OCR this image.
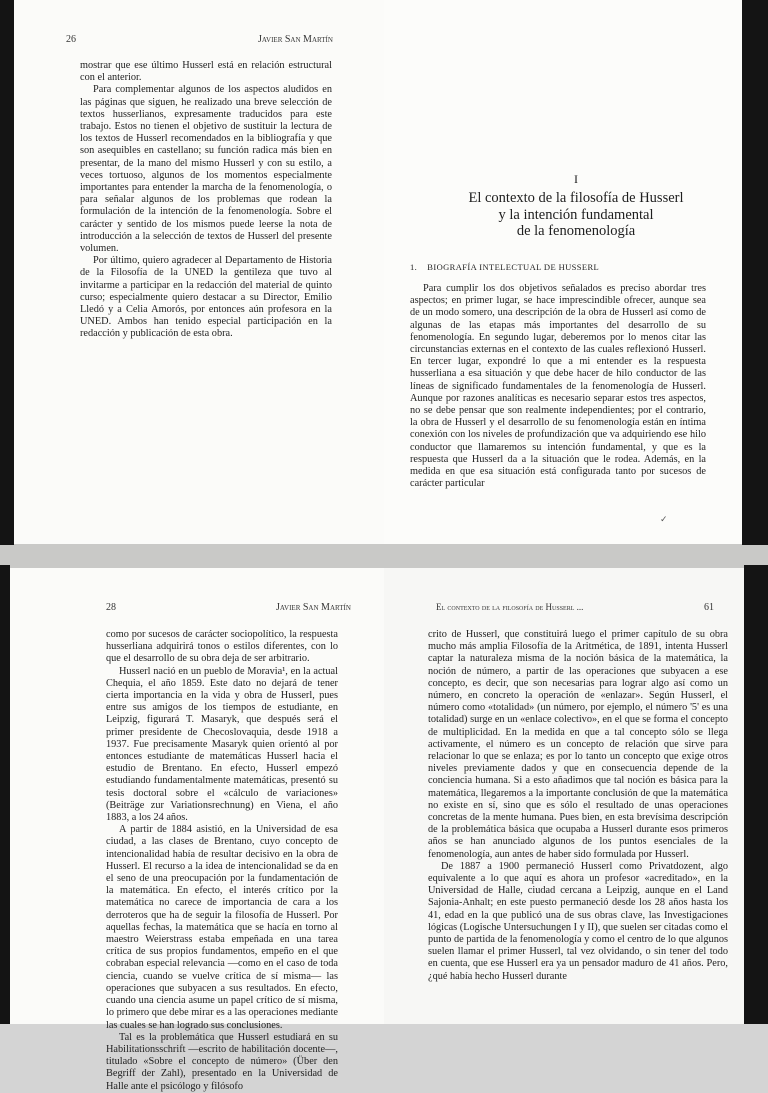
26	Javier San Martín

mostrar que ese último Husserl está en relación estructural con el anterior.

Para complementar algunos de los aspectos aludidos en las páginas que siguen, he realizado una breve selección de textos husserlianos, expresamente traducidos para este trabajo. Estos no tienen el objetivo de sustituir la lectura de los textos de Husserl recomendados en la bibliografía y que son asequibles en castellano; su función radica más bien en presentar, de la mano del mismo Husserl y con su estilo, a veces tortuoso, algunos de los momentos especialmente importantes para entender la marcha de la fenomenología, o para señalar algunos de los problemas que rodean la formulación de la intención de la fenomenología. Sobre el carácter y sentido de los mismos puede leerse la nota de introducción a la selección de textos de Husserl del presente volumen.

Por último, quiero agradecer al Departamento de Historia de la Filosofía de la UNED la gentileza que tuvo al invitarme a participar en la redacción del material de quinto curso; especialmente quiero destacar a su Director, Emilio Lledó y a Celia Amorós, por entonces aún profesora en la UNED. Ambos han tenido especial participación en la redacción y publicación de esta obra.

I
El contexto de la filosofía de Husserl
y la intención fundamental
de la fenomenología
1. BIOGRAFÍA INTELECTUAL DE HUSSERL

Para cumplir los dos objetivos señalados es preciso abordar tres aspectos; en primer lugar, se hace imprescindible ofrecer, aunque sea de un modo somero, una descripción de la obra de Husserl así como de algunas de las etapas más importantes del desarrollo de su fenomenología. En segundo lugar, deberemos por lo menos citar las circunstancias externas en el contexto de las cuales reflexionó Husserl. En tercer lugar, expondré lo que a mi entender es la respuesta husserliana a esa situación y que debe hacer de hilo conductor de las líneas de significado fundamentales de la fenomenología de Husserl. Aunque por razones analíticas es necesario separar estos tres aspectos, no se debe pensar que son realmente independientes; por el contrario, la obra de Husserl y el desarrollo de su fenomenología están en íntima conexión con los niveles de profundización que va adquiriendo ese hilo conductor que llamaremos su intención fundamental, y que es la respuesta que Husserl da a la situación que le rodea. Además, en la medida en que esa situación está configurada tanto por sucesos de carácter particular

✓
28	Javier San Martín

como por sucesos de carácter sociopolítico, la respuesta husserliana adquirirá tonos o estilos diferentes, con lo que el desarrollo de su obra deja de ser arbitrario.

Husserl nació en un pueblo de Moravia¹, en la actual Chequia, el año 1859. Este dato no dejará de tener cierta importancia en la vida y obra de Husserl, pues entre sus amigos de los tiempos de estudiante, en Leipzig, figurará T. Masaryk, que después será el primer presidente de Checoslovaquia, desde 1918 a 1937. Fue precisamente Masaryk quien orientó al por entonces estudiante de matemáticas Husserl hacia el estudio de Brentano. En efecto, Husserl empezó estudiando fundamentalmente matemáticas, presentó su tesis doctoral sobre el «cálculo de variaciones» (Beiträge zur Variationsrechnung) en Viena, el año 1883, a los 24 años.

A partir de 1884 asistió, en la Universidad de esa ciudad, a las clases de Brentano, cuyo concepto de intencionalidad había de resultar decisivo en la obra de Husserl. El recurso a la idea de intencionalidad se da en el seno de una preocupación por la fundamentación de la matemática. En efecto, el interés crítico por la matemática no carece de importancia de cara a los derroteros que ha de seguir la filosofía de Husserl. Por aquellas fechas, la matemática que se hacía en torno al maestro Weierstrass estaba empeñada en una tarea crítica de sus propios fundamentos, empeño en el que cobraban especial relevancia —como en el caso de toda ciencia, cuando se vuelve crítica de sí misma— las operaciones que subyacen a sus resultados. En efecto, cuando una ciencia asume un papel crítico de sí misma, lo primero que debe mirar es a las operaciones mediante las cuales se han logrado sus conclusiones.

Tal es la problemática que Husserl estudiará en su Habilitationsschrift —escrito de habilitación docente—, titulado «Sobre el concepto de número» (Über den Begriff der Zahl), presentado en la Universidad de Halle ante el psicólogo y filósofo

El contexto de la filosofía de Husserl ...	61

crito de Husserl, que constituirá luego el primer capítulo de su obra mucho más amplia Filosofía de la Aritmética, de 1891, intenta Husserl captar la naturaleza misma de la noción básica de la matemática, la noción de número, a partir de las operaciones que subyacen a ese concepto, es decir, que son necesarias para lograr algo así como un número, en concreto la operación de «enlazar». Según Husserl, el número como «totalidad» (un número, por ejemplo, el número '5' es una totalidad) surge en un «enlace colectivo», en el que se forma el concepto de multiplicidad. En la medida en que a tal concepto sólo se llega activamente, el número es un concepto de relación que sirve para relacionar lo que se enlaza; es por lo tanto un concepto que exige otros niveles previamente dados y que en consecuencia depende de la conciencia humana. Si a esto añadimos que tal noción es básica para la matemática, llegaremos a la importante conclusión de que la matemática no existe en sí, sino que es sólo el resultado de unas operaciones concretas de la mente humana. Pues bien, en esta brevísima descripción de la problemática básica que ocupaba a Husserl durante esos primeros años se han anunciado algunos de los puntos esenciales de la fenomenología, aun antes de haber sido formulada por Husserl.

De 1887 a 1900 permaneció Husserl como Privatdozent, algo equivalente a lo que aquí es ahora un profesor «acreditado», en la Universidad de Halle, ciudad cercana a Leipzig, aunque en el Land Sajonia-Anhalt; en este puesto permaneció desde los 28 años hasta los 41, edad en la que publicó una de sus obras clave, las Investigaciones lógicas (Logische Untersuchungen I y II), que suelen ser citadas como el punto de partida de la fenomenología y como el centro de lo que algunos suelen llamar el primer Husserl, tal vez olvidando, o sin tener del todo en cuenta, que ese Husserl era ya un pensador maduro de 41 años. Pero, ¿qué había hecho Husserl durante
